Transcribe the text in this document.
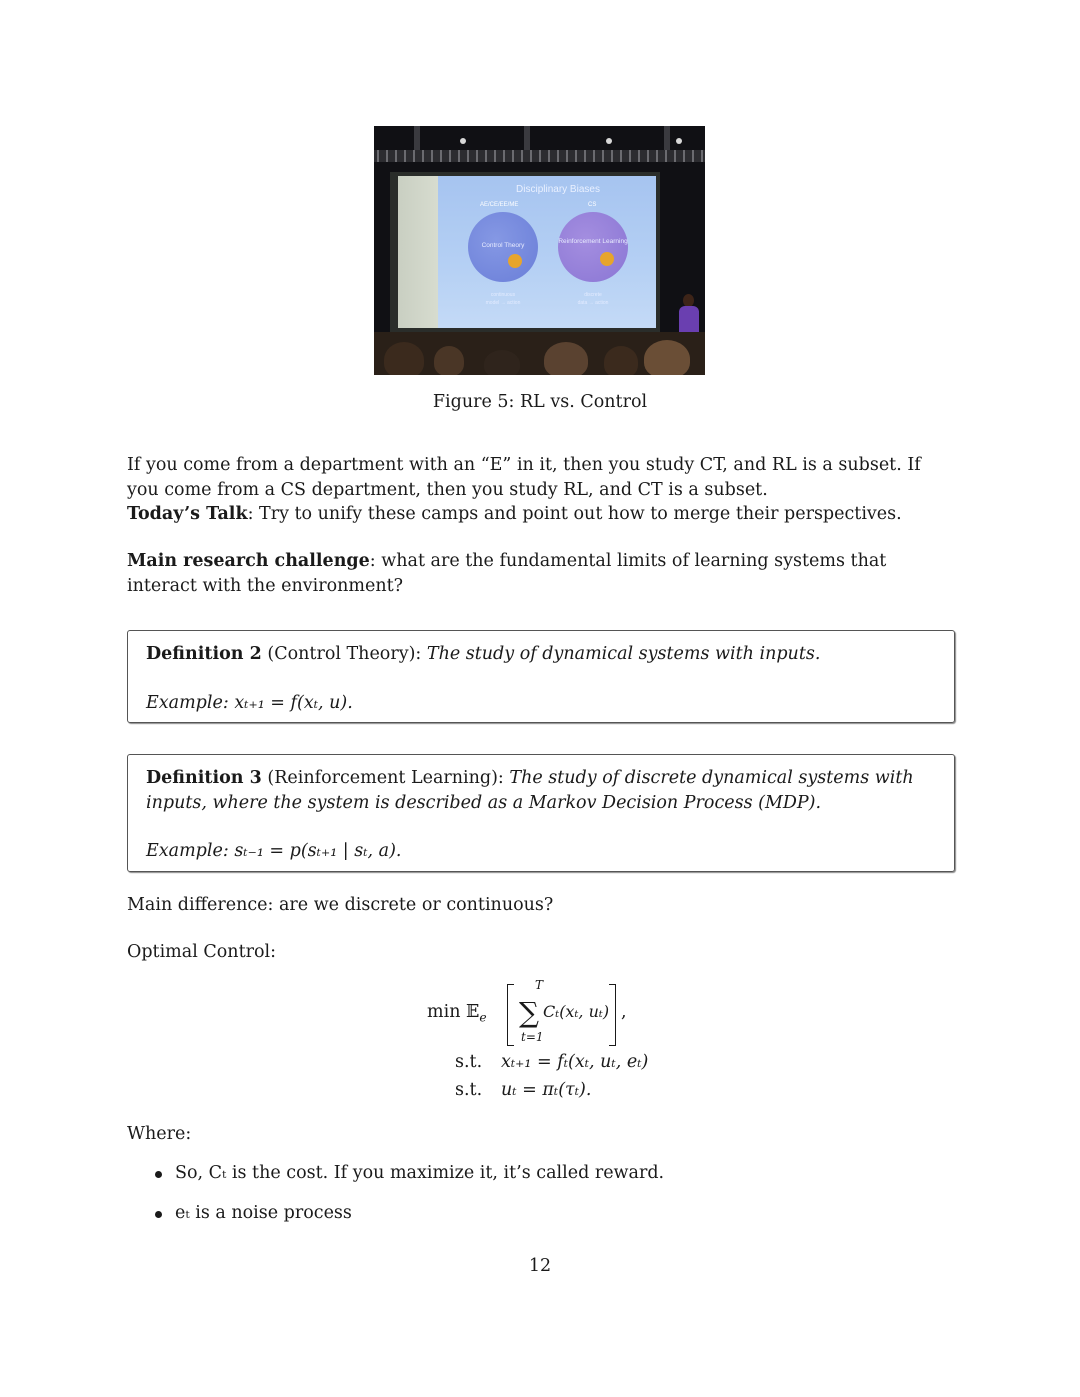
Disciplinary Biases
AE/CE/EE/ME	CS
Control Theory
Reinforcement Learning
continuous
model → action
discrete
data → action
Figure 5: RL vs. Control

If you come from a department with an “E” in it, then you study CT, and RL is a subset. If you come from a CS department, then you study RL, and CT is a subset.

Today’s Talk: Try to unify these camps and point out how to merge their perspectives.

Main research challenge: what are the fundamental limits of learning systems that interact with the environment?

Definition 2 (Control Theory): The study of dynamical systems with inputs.
Example: xₜ₊₁ = f(xₜ, u).
Definition 3 (Reinforcement Learning): The study of discrete dynamical systems with inputs, where the system is described as a Markov Decision Process (MDP).
Example: sₜ₋₁ = p(sₜ₊₁ | sₜ, a).

Main difference: are we discrete or continuous?

Optimal Control:

min 𝔼$_e$
T
∑
t=1
Cₜ(xₜ, uₜ) ,
s.t. xₜ₊₁ = fₜ(xₜ, uₜ, eₜ)
s.t. uₜ = πₜ(τₜ).

Where:

So, Cₜ is the cost. If you maximize it, it’s called reward.

eₜ is a noise process

12
